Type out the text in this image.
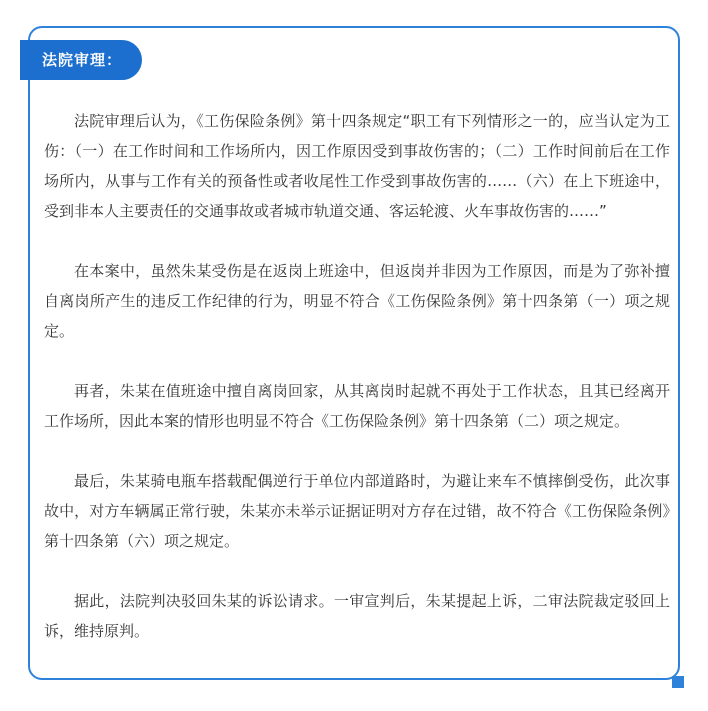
法院审理：

法院审理后认为，《工伤保险条例》第十四条规定“职工有下列情形之一的，应当认定为工伤：（一）在工作时间和工作场所内，因工作原因受到事故伤害的；（二）工作时间前后在工作场所内，从事与工作有关的预备性或者收尾性工作受到事故伤害的……（六）在上下班途中，受到非本人主要责任的交通事故或者城市轨道交通、客运轮渡、火车事故伤害的……”

在本案中，虽然朱某受伤是在返岗上班途中，但返岗并非因为工作原因，而是为了弥补擅自离岗所产生的违反工作纪律的行为，明显不符合《工伤保险条例》第十四条第（一）项之规定。

再者，朱某在值班途中擅自离岗回家，从其离岗时起就不再处于工作状态，且其已经离开工作场所，因此本案的情形也明显不符合《工伤保险条例》第十四条第（二）项之规定。

最后，朱某骑电瓶车搭载配偶逆行于单位内部道路时，为避让来车不慎摔倒受伤，此次事故中，对方车辆属正常行驶，朱某亦未举示证据证明对方存在过错，故不符合《工伤保险条例》第十四条第（六）项之规定。

据此，法院判决驳回朱某的诉讼请求。一审宣判后，朱某提起上诉，二审法院裁定驳回上诉，维持原判。
